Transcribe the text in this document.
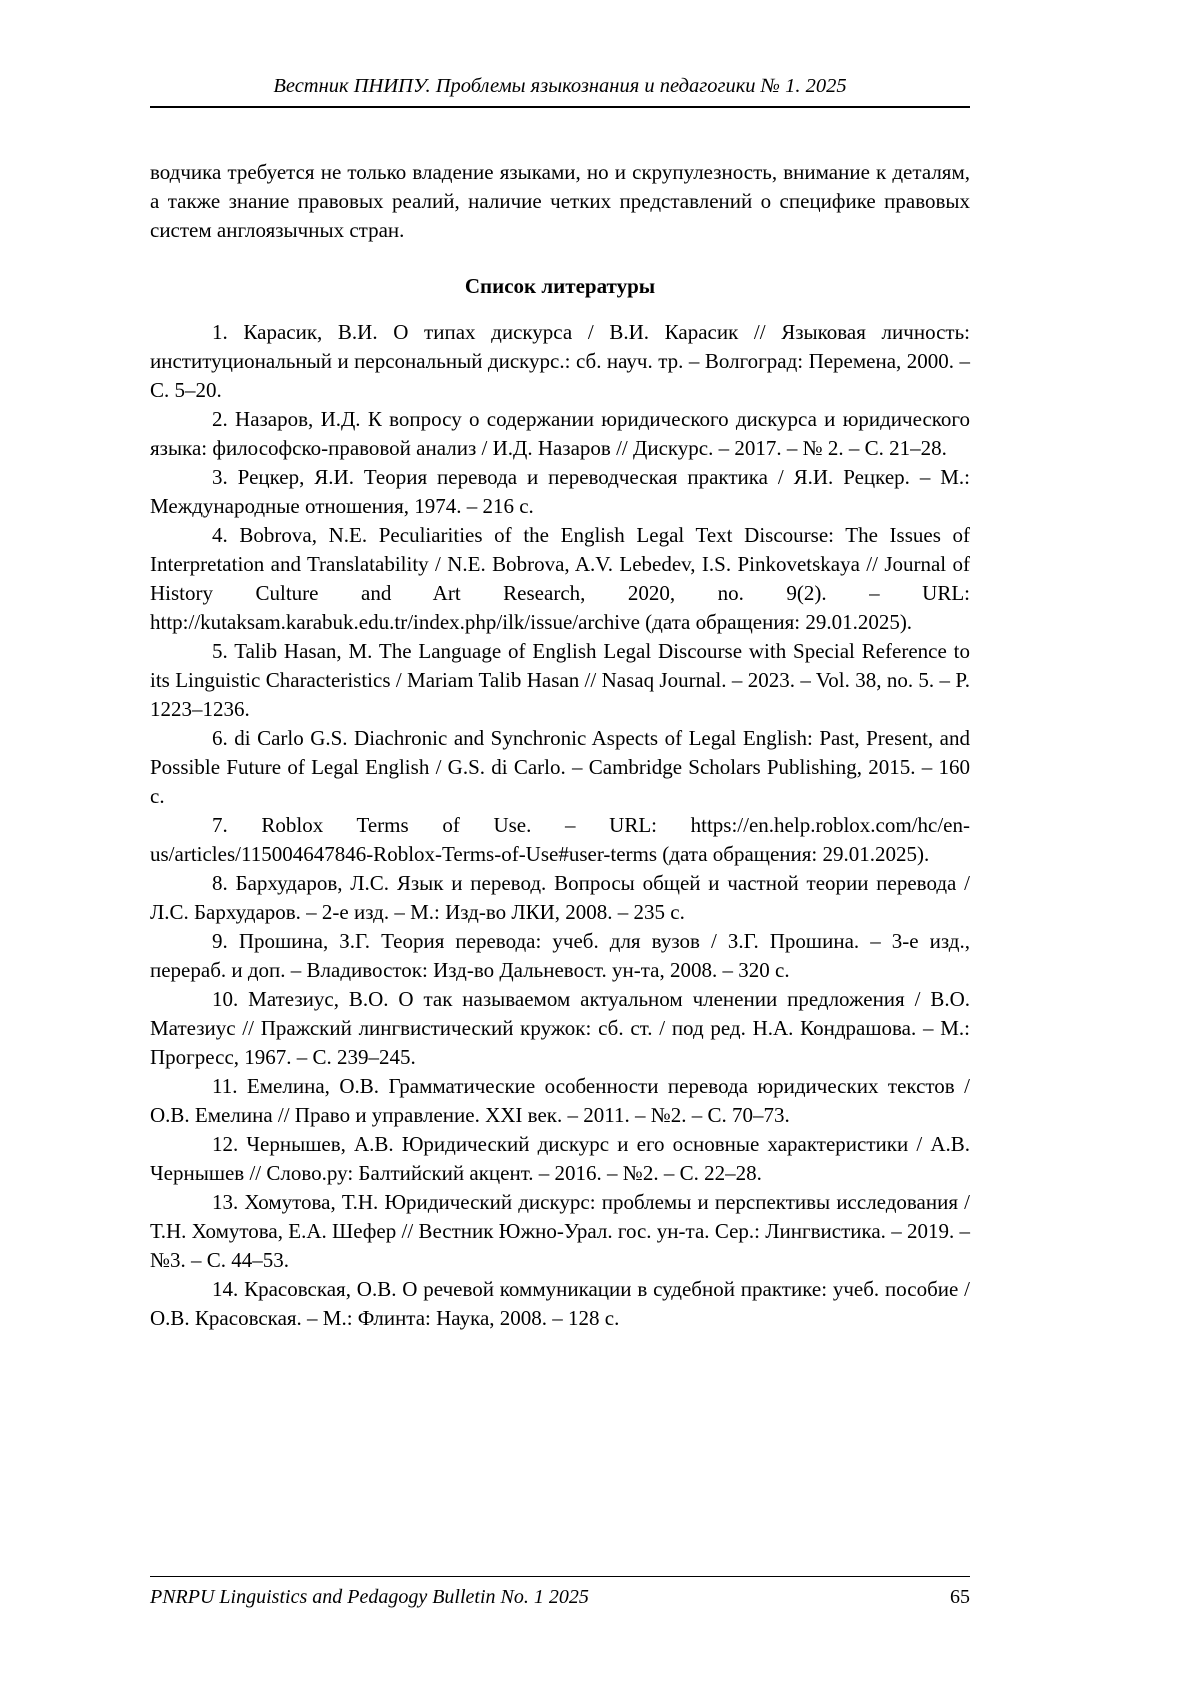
Вестник ПНИПУ. Проблемы языкознания и педагогики № 1. 2025

водчика требуется не только владение языками, но и скрупулезность, внимание к деталям, а также знание правовых реалий, наличие четких представлений о специфике правовых систем англоязычных стран.

Список литературы

1. Карасик, В.И. О типах дискурса / В.И. Карасик // Языковая личность: институциональный и персональный дискурс.: сб. науч. тр. – Волгоград: Перемена, 2000. – С. 5–20.

2. Назаров, И.Д. К вопросу о содержании юридического дискурса и юридического языка: философско-правовой анализ / И.Д. Назаров // Дискурс. – 2017. – № 2. – С. 21–28.

3. Рецкер, Я.И. Теория перевода и переводческая практика / Я.И. Рецкер. – М.: Международные отношения, 1974. – 216 с.

4. Bobrova, N.E. Peculiarities of the English Legal Text Discourse: The Issues of Interpretation and Translatability / N.E. Bobrova, A.V. Lebedev, I.S. Pinkovetskaya // Journal of History Culture and Art Research, 2020, no. 9(2). – URL: http://kutaksam.karabuk.edu.tr/index.php/ilk/issue/archive (дата обращения: 29.01.2025).

5. Talib Hasan, M. The Language of English Legal Discourse with Special Reference to its Linguistic Characteristics / Mariam Talib Hasan // Nasaq Journal. – 2023. – Vol. 38, no. 5. – P. 1223–1236.

6. di Carlo G.S. Diachronic and Synchronic Aspects of Legal English: Past, Present, and Possible Future of Legal English / G.S. di Carlo. – Cambridge Scholars Publishing, 2015. – 160 с.

7. Roblox Terms of Use. – URL: https://en.help.roblox.com/hc/en-us/articles/115004647846-Roblox-Terms-of-Use#user-terms (дата обращения: 29.01.2025).

8. Бархударов, Л.С. Язык и перевод. Вопросы общей и частной теории перевода / Л.С. Бархударов. – 2-е изд. – М.: Изд-во ЛКИ, 2008. – 235 с.

9. Прошина, З.Г. Теория перевода: учеб. для вузов / З.Г. Прошина. – 3-е изд., перераб. и доп. – Владивосток: Изд-во Дальневост. ун-та, 2008. – 320 с.

10. Матезиус, В.О. О так называемом актуальном членении предложения / В.О. Матезиус // Пражский лингвистический кружок: сб. ст. / под ред. Н.А. Кондрашова. – М.: Прогресс, 1967. – С. 239–245.

11. Емелина, О.В. Грамматические особенности перевода юридических текстов / О.В. Емелина // Право и управление. XXI век. – 2011. – №2. – С. 70–73.

12. Чернышев, А.В. Юридический дискурс и его основные характеристики / А.В. Чернышев // Слово.ру: Балтийский акцент. – 2016. – №2. – С. 22–28.

13. Хомутова, Т.Н. Юридический дискурс: проблемы и перспективы исследования / Т.Н. Хомутова, Е.А. Шефер // Вестник Южно-Урал. гос. ун-та. Сер.: Лингвистика. – 2019. – №3. – С. 44–53.

14. Красовская, О.В. О речевой коммуникации в судебной практике: учеб. пособие / О.В. Красовская. – М.: Флинта: Наука, 2008. – 128 с.

PNRPU Linguistics and Pedagogy Bulletin No. 1 2025	65
